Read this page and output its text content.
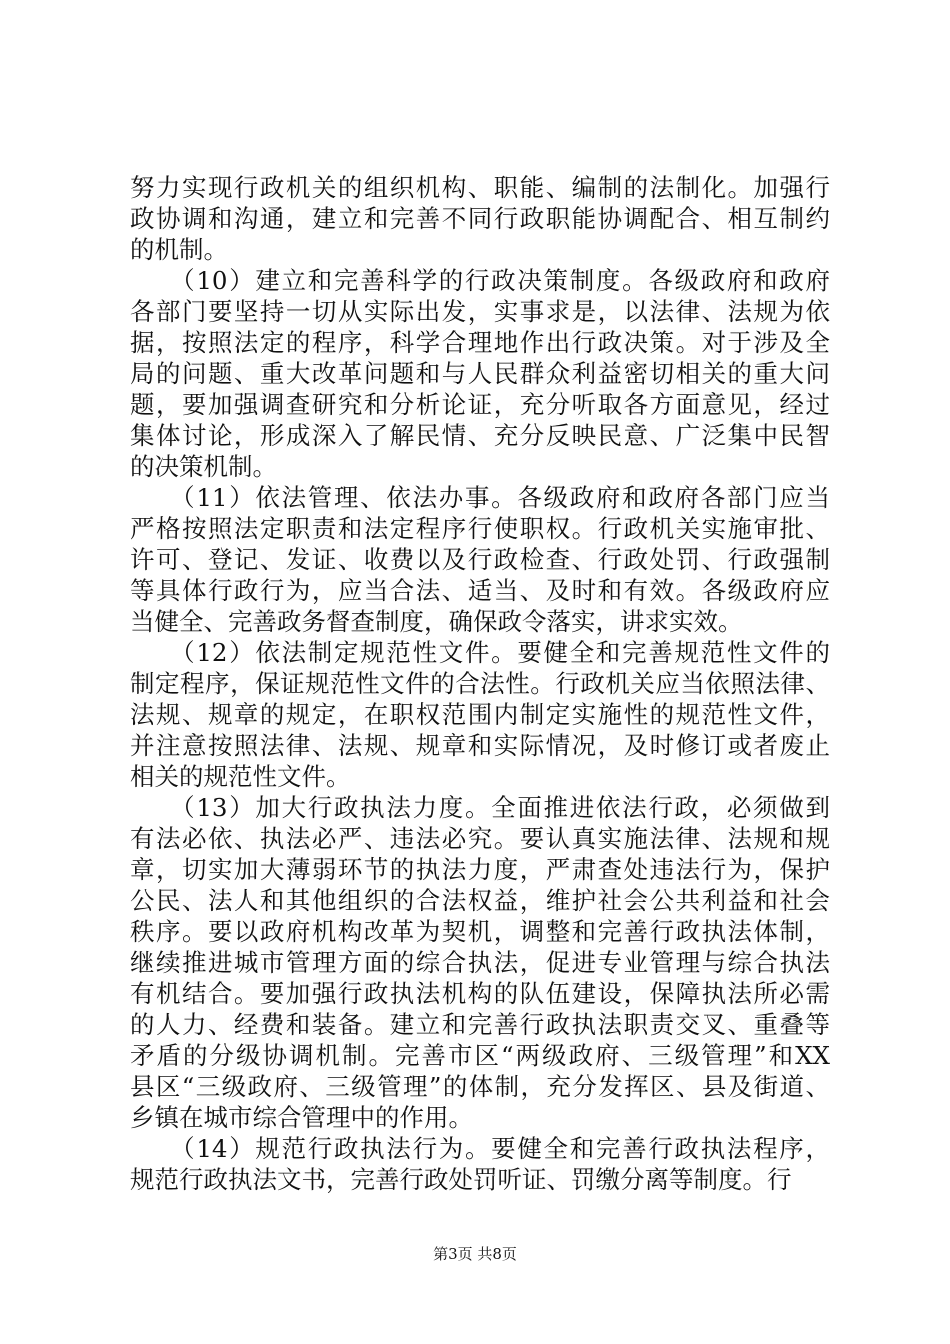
努力实现行政机关的组织机构、职能、编制的法制化。加强行
政协调和沟通，建立和完善不同行政职能协调配合、相互制约
的机制。
　　（10）建立和完善科学的行政决策制度。各级政府和政府
各部门要坚持一切从实际出发，实事求是，以法律、法规为依
据，按照法定的程序，科学合理地作出行政决策。对于涉及全
局的问题、重大改革问题和与人民群众利益密切相关的重大问
题，要加强调查研究和分析论证，充分听取各方面意见，经过
集体讨论，形成深入了解民情、充分反映民意、广泛集中民智
的决策机制。
　　（11）依法管理、依法办事。各级政府和政府各部门应当
严格按照法定职责和法定程序行使职权。行政机关实施审批、
许可、登记、发证、收费以及行政检查、行政处罚、行政强制
等具体行政行为，应当合法、适当、及时和有效。各级政府应
当健全、完善政务督查制度，确保政令落实，讲求实效。
　　（12）依法制定规范性文件。要健全和完善规范性文件的
制定程序，保证规范性文件的合法性。行政机关应当依照法律、
法规、规章的规定，在职权范围内制定实施性的规范性文件，
并注意按照法律、法规、规章和实际情况，及时修订或者废止
相关的规范性文件。
　　（13）加大行政执法力度。全面推进依法行政，必须做到
有法必依、执法必严、违法必究。要认真实施法律、法规和规
章，切实加大薄弱环节的执法力度，严肃查处违法行为，保护
公民、法人和其他组织的合法权益，维护社会公共利益和社会
秩序。要以政府机构改革为契机，调整和完善行政执法体制，
继续推进城市管理方面的综合执法，促进专业管理与综合执法
有机结合。要加强行政执法机构的队伍建设，保障执法所必需
的人力、经费和装备。建立和完善行政执法职责交叉、重叠等
矛盾的分级协调机制。完善市区“两级政府、三级管理”和XX
县区“三级政府、三级管理”的体制，充分发挥区、县及街道、
乡镇在城市综合管理中的作用。
　　（14）规范行政执法行为。要健全和完善行政执法程序，
规范行政执法文书，完善行政处罚听证、罚缴分离等制度。行
第3页 共8页
